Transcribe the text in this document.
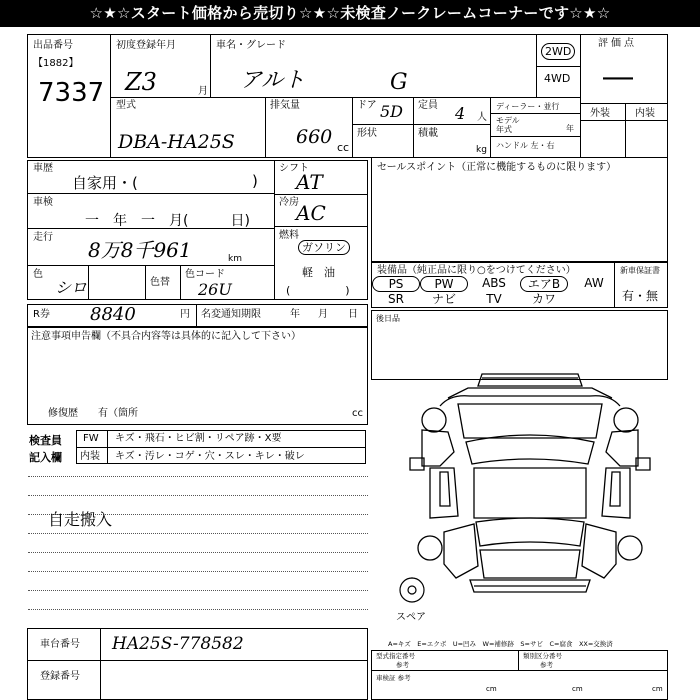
☆★☆スタート価格から売切り☆★☆未検査ノークレームコーナーです☆★☆
出品番号
【1882】
7337
初度登録年月
Z3	月
車名・グレード
アルト	G
2WD
4WD
評価点
―
外装	内装
型式
DBA-HA25S
排気量
660 cc
ドア 5D
形状
定員 4 人
積載
kg
ディーラー・並行
モデル
年式	年
ハンドル 左・右
車歴
自家用・(	)
車検
一　年　一　月(　　　日)
走行
8万8千961	km
色
シロ	色替
色コード
26U
シフト
AT
冷房
AC
燃料
ガソリン
軽　油
(　　　　　)
セールスポイント（正常に機能するものに限ります）
装備品（純正品に限り○をつけてください）	新車保証書
有・無
PS	PW	ABS	エアB	AW
SR	ナビ	TV	カワ
R券 8840	円 名変通知期限	年 月 日 後日品
注意事項申告欄（不具合内容等は具体的に記入して下さい）
修復歴　　有（箇所	cc
検査員
記入欄
FW キズ・飛石・ヒビ割・リペア跡・X要
内装 キズ・汚レ・コゲ・穴・スレ・キレ・破レ
自走搬入
スペア
A=キズ　E=エクボ　U=凹み　W=補修跡　S=サビ　C=腐食　XX=交換済
車台番号 HA25S-778582
登録番号
型式指定番号
参考
類別区分番号
参考
車検証 参考
cm	cm	cm
